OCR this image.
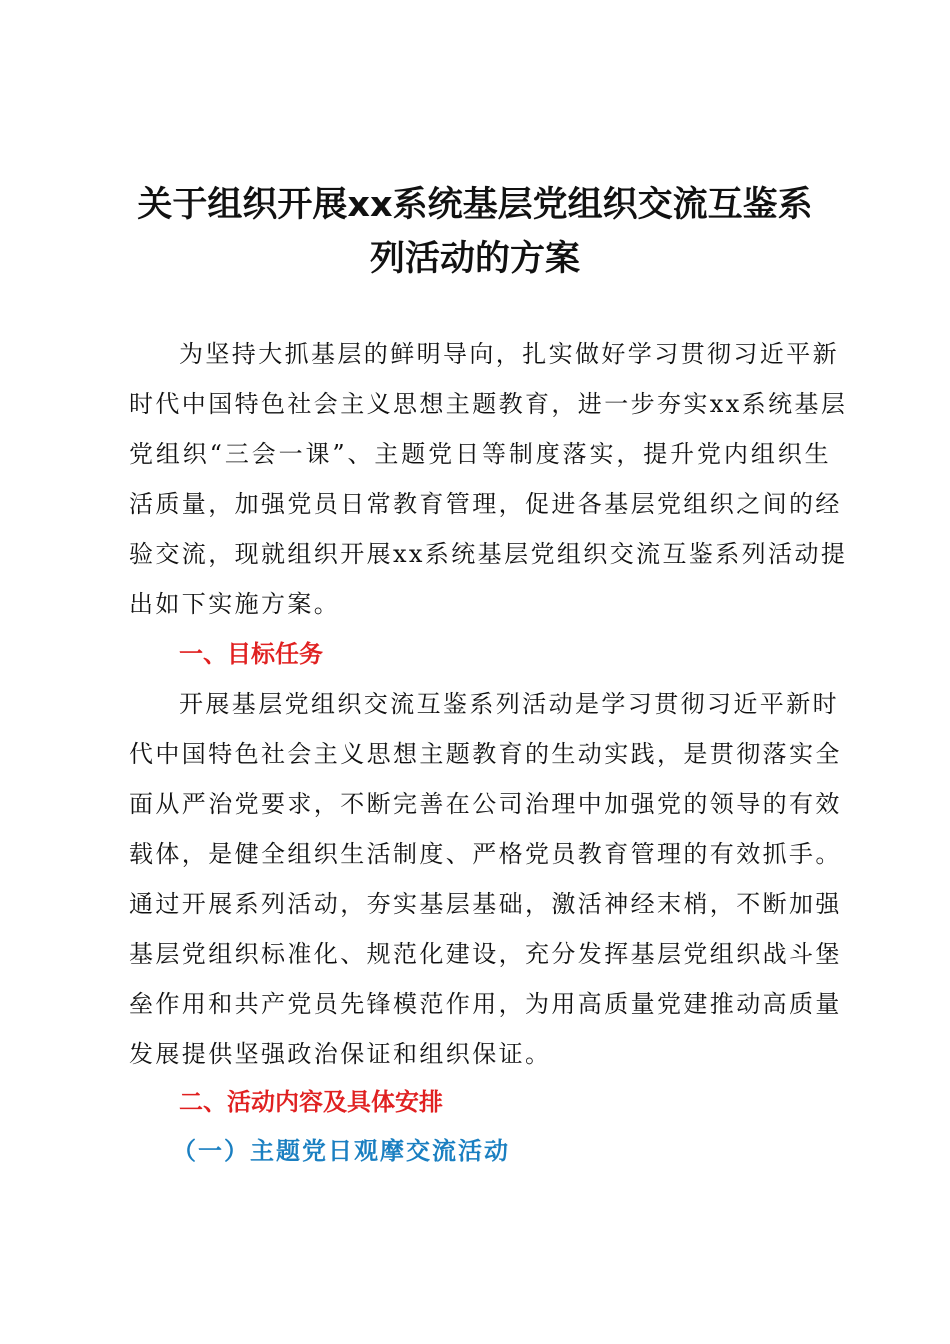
关于组织开展xx系统基层党组织交流互鉴系
列活动的方案
为坚持大抓基层的鲜明导向，扎实做好学习贯彻习近平新
时代中国特色社会主义思想主题教育，进一步夯实xx系统基层
党组织“三会一课”、主题党日等制度落实，提升党内组织生
活质量，加强党员日常教育管理，促进各基层党组织之间的经
验交流，现就组织开展xx系统基层党组织交流互鉴系列活动提
出如下实施方案。
一、目标任务
开展基层党组织交流互鉴系列活动是学习贯彻习近平新时
代中国特色社会主义思想主题教育的生动实践，是贯彻落实全
面从严治党要求，不断完善在公司治理中加强党的领导的有效
载体，是健全组织生活制度、严格党员教育管理的有效抓手。
通过开展系列活动，夯实基层基础，激活神经末梢，不断加强
基层党组织标准化、规范化建设，充分发挥基层党组织战斗堡
垒作用和共产党员先锋模范作用，为用高质量党建推动高质量
发展提供坚强政治保证和组织保证。
二、活动内容及具体安排
（一）主题党日观摩交流活动
